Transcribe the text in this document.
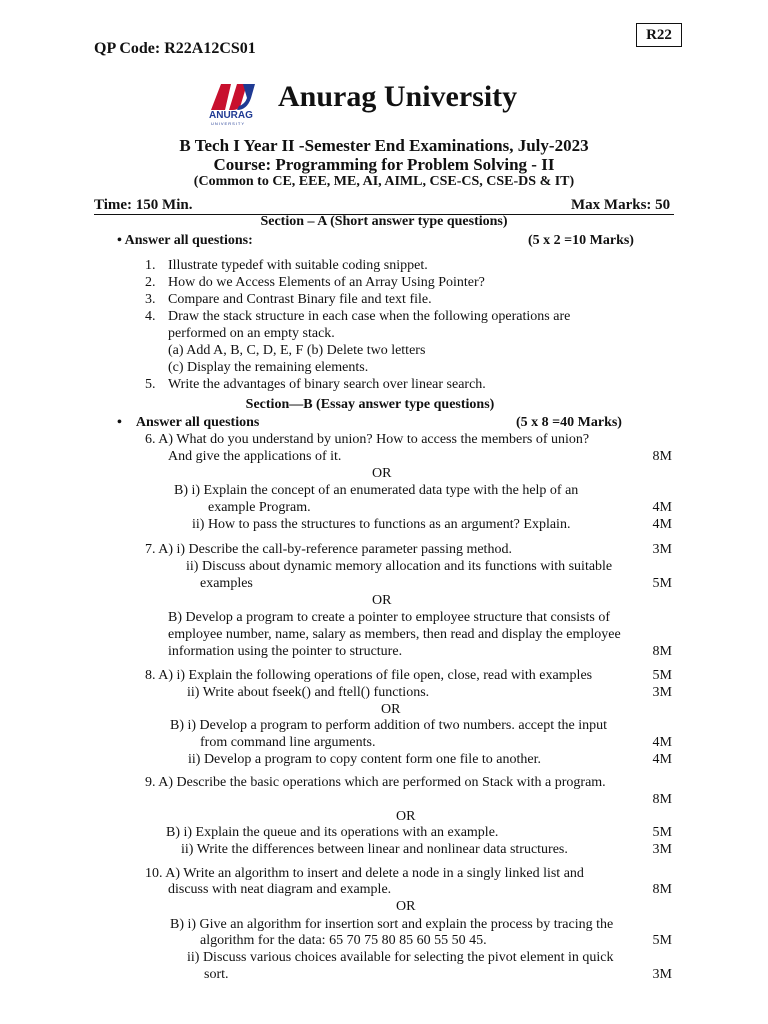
QP Code: R22A12CS01
R22
ANURAG
UNIVERSITY
Anurag University
B Tech I Year II -Semester End Examinations, July-2023
Course: Programming for Problem Solving - II
(Common to CE, EEE, ME, AI, AIML, CSE-CS, CSE-DS & IT)
Time: 150 Min.	Max Marks: 50
Section – A (Short answer type questions)
• Answer all questions:	(5 x 2 =10 Marks)
1. Illustrate typedef with suitable coding snippet.
2. How do we Access Elements of an Array Using Pointer?
3. Compare and Contrast Binary file and text file.
4. Draw the stack structure in each case when the following operations are
performed on an empty stack.
(a) Add A, B, C, D, E, F (b) Delete two letters
(c) Display the remaining elements.
5. Write the advantages of binary search over linear search.
Section—B (Essay answer type questions)
•    Answer all questions	(5 x 8 =40 Marks)
6. A) What do you understand by union? How to access the members of union?
And give the applications of it.	8M
OR
B) i) Explain the concept of an enumerated data type with the help of an
example Program.	4M
ii) How to pass the structures to functions as an argument? Explain.	4M
7. A) i) Describe the call-by-reference parameter passing method.	3M
ii) Discuss about dynamic memory allocation and its functions with suitable
examples	5M
OR
B) Develop a program to create a pointer to employee structure that consists of
employee number, name, salary as members, then read and display the employee
information using the pointer to structure.	8M
8. A) i) Explain the following operations of file open, close, read with examples	5M
ii) Write about fseek() and ftell() functions.	3M
OR
B) i) Develop a program to perform addition of two numbers. accept the input
from command line arguments.	4M
ii) Develop a program to copy content form one file to another.	4M
9. A) Describe the basic operations which are performed on Stack with a program.
8M
OR
B) i) Explain the queue and its operations with an example.	5M
ii) Write the differences between linear and nonlinear data structures.	3M
10. A) Write an algorithm to insert and delete a node in a singly linked list and
discuss with neat diagram and example.	8M
OR
B) i) Give an algorithm for insertion sort and explain the process by tracing the
algorithm for the data: 65 70 75 80 85 60 55 50 45.	5M
ii) Discuss various choices available for selecting the pivot element in quick
sort.	3M
